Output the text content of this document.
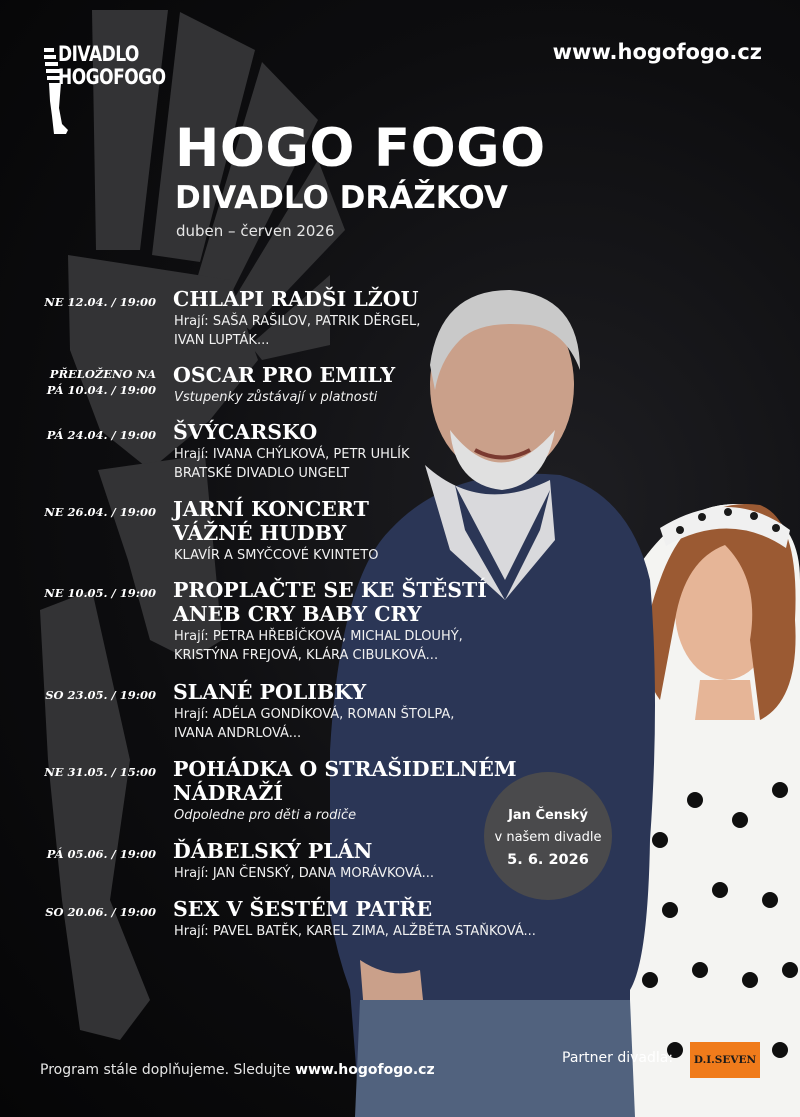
DIVADLO
HOGOFOGO
www.hogofogo.cz
HOGO FOGO
DIVADLO DRÁŽKOV
duben – červen 2026
NE 12.04. / 19:00 CHLAPI RADŠI LŽOU
Hrají: SAŠA RAŠILOV, PATRIK DĚRGEL,
IVAN LUPTÁK...
PŘELOŽENO NA
PÁ 10.04. / 19:00
OSCAR PRO EMILY
Vstupenky zůstávají v platnosti
PÁ 24.04. / 19:00 ŠVÝCARSKO
Hrají: IVANA CHÝLKOVÁ, PETR UHLÍK
BRATSKÉ DIVADLO UNGELT
NE 26.04. / 19:00 JARNÍ KONCERT
VÁŽNÉ HUDBY
KLAVÍR A SMYČCOVÉ KVINTETO
NE 10.05. / 19:00 PROPLAČTE SE KE ŠTĚSTÍ
ANEB CRY BABY CRY
Hrají: PETRA HŘEBÍČKOVÁ, MICHAL DLOUHÝ,
KRISTÝNA FREJOVÁ, KLÁRA CIBULKOVÁ...
SO 23.05. / 19:00 SLANÉ POLIBKY
Hrají: ADÉLA GONDÍKOVÁ, ROMAN ŠTOLPA,
IVANA ANDRLOVÁ...
NE 31.05. / 15:00 POHÁDKA O STRAŠIDELNÉM
NÁDRAŽÍ
Odpoledne pro děti a rodiče
PÁ 05.06. / 19:00 ĎÁBELSKÝ PLÁN
Hrají: JAN ČENSKÝ, DANA MORÁVKOVÁ...
SO 20.06. / 19:00 SEX V ŠESTÉM PATŘE
Hrají: PAVEL BATĚK, KAREL ZIMA, ALŽBĚTA STAŇKOVÁ...
Jan Čenský
v našem divadle
5. 6. 2026
Program stále doplňujeme. Sledujte www.hogofogo.cz
Partner divadla:	D.I.SEVEN
